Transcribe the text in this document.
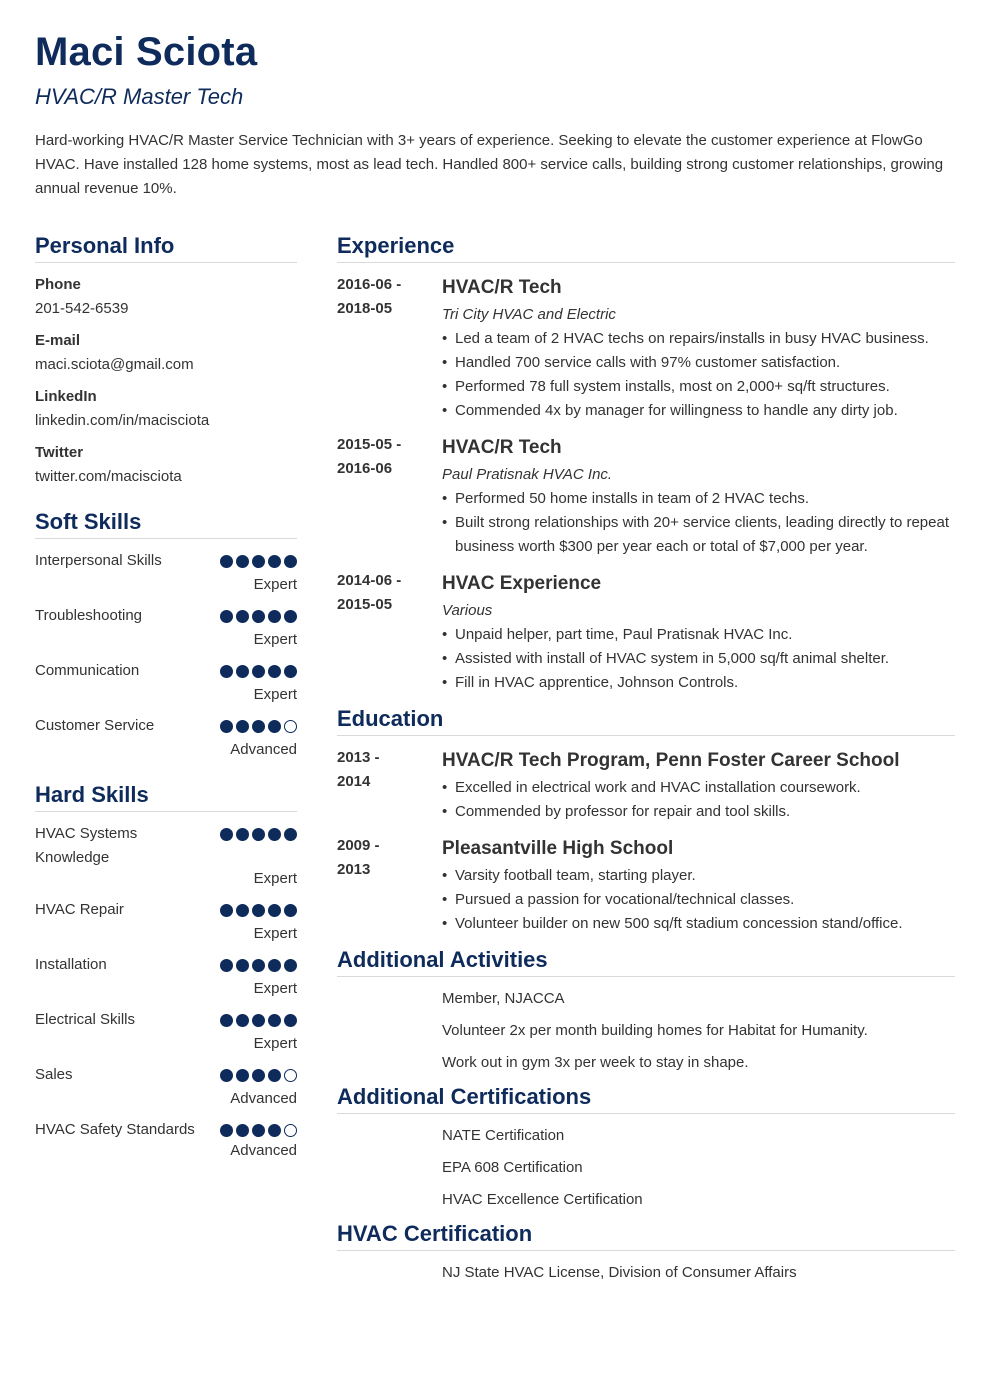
Maci Sciota
HVAC/R Master Tech
Hard-working HVAC/R Master Service Technician with 3+ years of experience. Seeking to elevate the customer experience at FlowGo HVAC. Have installed 128 home systems, most as lead tech. Handled 800+ service calls, building strong customer relationships, growing annual revenue 10%.
Personal Info
Phone
201-542-6539
E-mail
maci.sciota@gmail.com
LinkedIn
linkedin.com/in/macisciota
Twitter
twitter.com/macisciota
Soft Skills
Interpersonal Skills
Expert
Troubleshooting
Expert
Communication
Expert
Customer Service
Advanced
Hard Skills
HVAC Systems Knowledge
Expert
HVAC Repair
Expert
Installation
Expert
Electrical Skills
Expert
Sales
Advanced
HVAC Safety Standards
Advanced
Experience
2016-06 -
2018-05
HVAC/R Tech
Tri City HVAC and Electric
• Led a team of 2 HVAC techs on repairs/installs in busy HVAC business.
• Handled 700 service calls with 97% customer satisfaction.
• Performed 78 full system installs, most on 2,000+ sq/ft structures.
• Commended 4x by manager for willingness to handle any dirty job.
2015-05 -
2016-06
HVAC/R Tech
Paul Pratisnak HVAC Inc.
• Performed 50 home installs in team of 2 HVAC techs.
• Built strong relationships with 20+ service clients, leading directly to repeat business worth $300 per year each or total of $7,000 per year.
2014-06 -
2015-05
HVAC Experience
Various
• Unpaid helper, part time, Paul Pratisnak HVAC Inc.
• Assisted with install of HVAC system in 5,000 sq/ft animal shelter.
• Fill in HVAC apprentice, Johnson Controls.
Education
2013 -
2014
HVAC/R Tech Program, Penn Foster Career School
• Excelled in electrical work and HVAC installation coursework.
• Commended by professor for repair and tool skills.
2009 -
2013
Pleasantville High School
• Varsity football team, starting player.
• Pursued a passion for vocational/technical classes.
• Volunteer builder on new 500 sq/ft stadium concession stand/office.
Additional Activities
Member, NJACCA
Volunteer 2x per month building homes for Habitat for Humanity.
Work out in gym 3x per week to stay in shape.
Additional Certifications
NATE Certification
EPA 608 Certification
HVAC Excellence Certification
HVAC Certification
NJ State HVAC License, Division of Consumer Affairs
